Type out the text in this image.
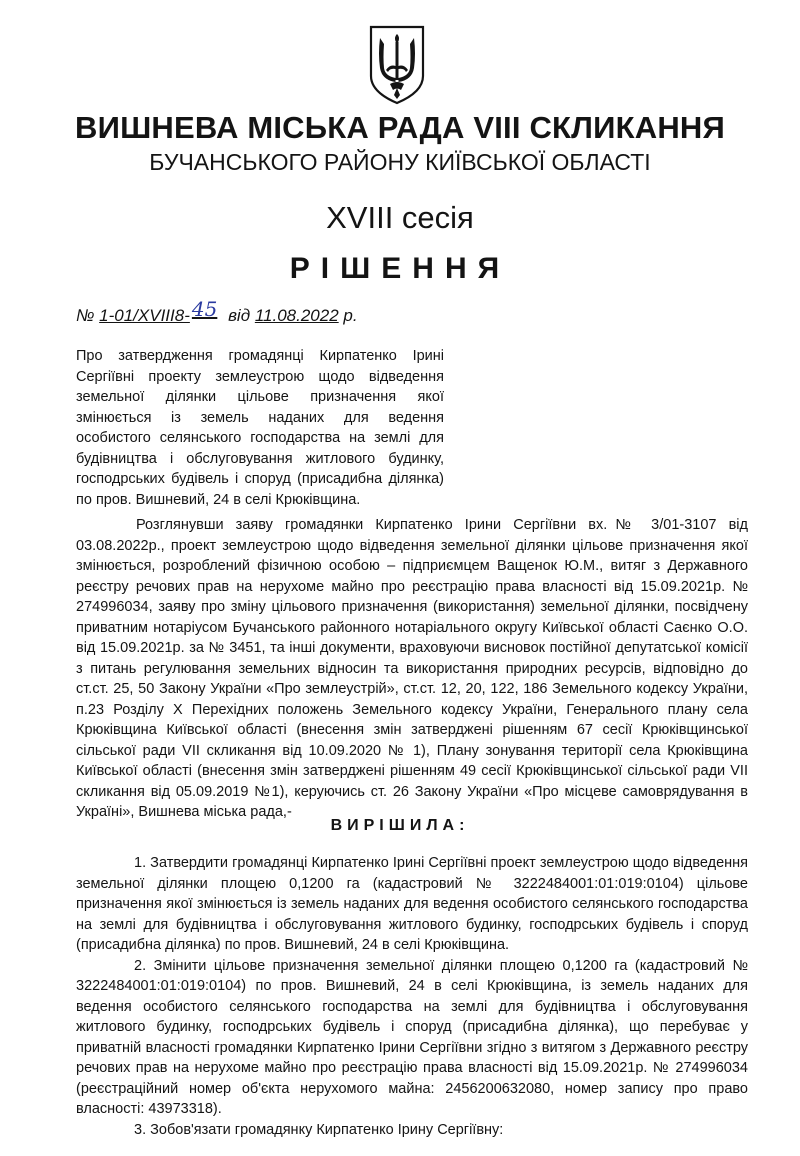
ВИШНЕВА МІСЬКА РАДА VIII СКЛИКАННЯ
БУЧАНСЬКОГО РАЙОНУ КИЇВСЬКОЇ ОБЛАСТІ
XVIII сесія
РІШЕННЯ
№ 1-01/XVIII8- 45 від 11.08.2022 р.
Про затвердження громадянці Кирпатенко Ірині Сергіївні проекту землеустрою щодо відведення земельної ділянки цільове призначення якої змінюється із земель наданих для ведення особистого селянського господарства на землі для будівництва і обслуговування житлового будинку, господрських будівель і споруд (присадибна ділянка) по пров. Вишневий, 24 в селі Крюківщина.
Розглянувши заяву громадянки Кирпатенко Ірини Сергіївни вх.№ 3/01-3107 від 03.08.2022р., проект землеустрою щодо відведення земельної ділянки цільове призначення якої змінюється, розроблений фізичною особою – підприємцем Ващенок Ю.М., витяг з Державного реєстру речових прав на нерухоме майно про реєстрацію права власності від 15.09.2021р. № 274996034, заяву про зміну цільового призначення (використання) земельної ділянки, посвідчену приватним нотаріусом Бучанського районного нотаріального округу Київської області Саєнко О.О. від 15.09.2021р. за № 3451, та інші документи, враховуючи висновок постійної депутатської комісії з питань регулювання земельних відносин та використання природних ресурсів, відповідно до ст.ст. 25, 50 Закону України «Про землеустрій», ст.ст. 12, 20, 122, 186 Земельного кодексу України, п.23 Розділу Х Перехідних положень Земельного кодексу України, Генерального плану села Крюківщина Київської області (внесення змін затверджені рішенням 67 сесії Крюківщинської сільської ради VII скликання від 10.09.2020 № 1), Плану зонування території села Крюківщина Київської області (внесення змін затверджені рішенням 49 сесії Крюківщинської сільської ради VII скликання від 05.09.2019 №1), керуючись ст. 26 Закону України «Про місцеве самоврядування в Україні», Вишнева міська рада,-
ВИРІШИЛА:

1. Затвердити громадянці Кирпатенко Ірині Сергіївні проект землеустрою щодо відведення земельної ділянки площею 0,1200 га (кадастровий № 3222484001:01:019:0104) цільове призначення якої змінюється із земель наданих для ведення особистого селянського господарства на землі для будівництва і обслуговування житлового будинку, господрських будівель і споруд (присадибна ділянка) по пров. Вишневий, 24 в селі Крюківщина.

2. Змінити цільове призначення земельної ділянки площею 0,1200 га (кадастровий № 3222484001:01:019:0104) по пров. Вишневий, 24 в селі Крюківщина, із земель наданих для ведення особистого селянського господарства на землі для будівництва і обслуговування житлового будинку, господрських будівель і споруд (присадибна ділянка), що перебуває у приватній власності громадянки Кирпатенко Ірини Сергіївни згідно з витягом з Державного реєстру речових прав на нерухоме майно про реєстрацію права власності від 15.09.2021р. № 274996034 (реєстраційний номер об'єкта нерухомого майна: 2456200632080, номер запису про право власності: 43973318).

3. Зобов'язати громадянку Кирпатенко Ірину Сергіївну:
